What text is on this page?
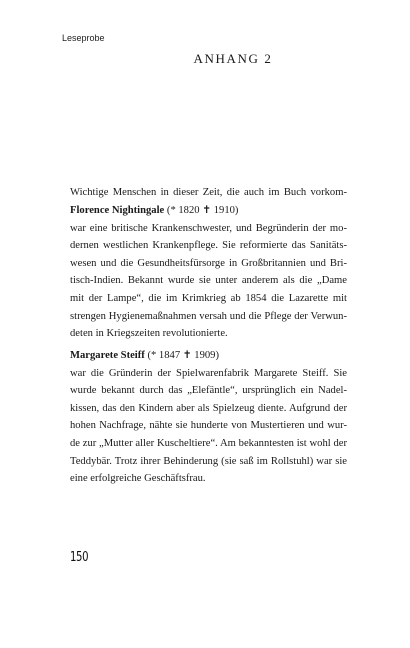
Leseprobe
ANHANG 2
Wichtige Menschen in dieser Zeit, die auch im Buch vorkom-
Florence Nightingale (* 1820 ✝ 1910)
war eine britische Krankenschwester, und Begründerin der mo-
dernen westlichen Krankenpflege. Sie reformierte das Sanitäts-
wesen und die Gesundheitsfürsorge in Großbritannien und Bri-
tisch-Indien. Bekannt wurde sie unter anderem als die „Dame
mit der Lampe“, die im Krimkrieg ab 1854 die Lazarette mit
strengen Hygienemaßnahmen versah und die Pflege der Verwun-
deten in Kriegszeiten revolutionierte.
Margarete Steiff (* 1847 ✝ 1909)
war die Gründerin der Spielwarenfabrik Margarete Steiff. Sie
wurde bekannt durch das „Elefäntle“, ursprünglich ein Nadel-
kissen, das den Kindern aber als Spielzeug diente. Aufgrund der
hohen Nachfrage, nähte sie hunderte von Mustertieren und wur-
de zur „Mutter aller Kuscheltiere“. Am bekanntesten ist wohl der
Teddybär. Trotz ihrer Behinderung (sie saß im Rollstuhl) war sie
eine erfolgreiche Geschäftsfrau.
150
